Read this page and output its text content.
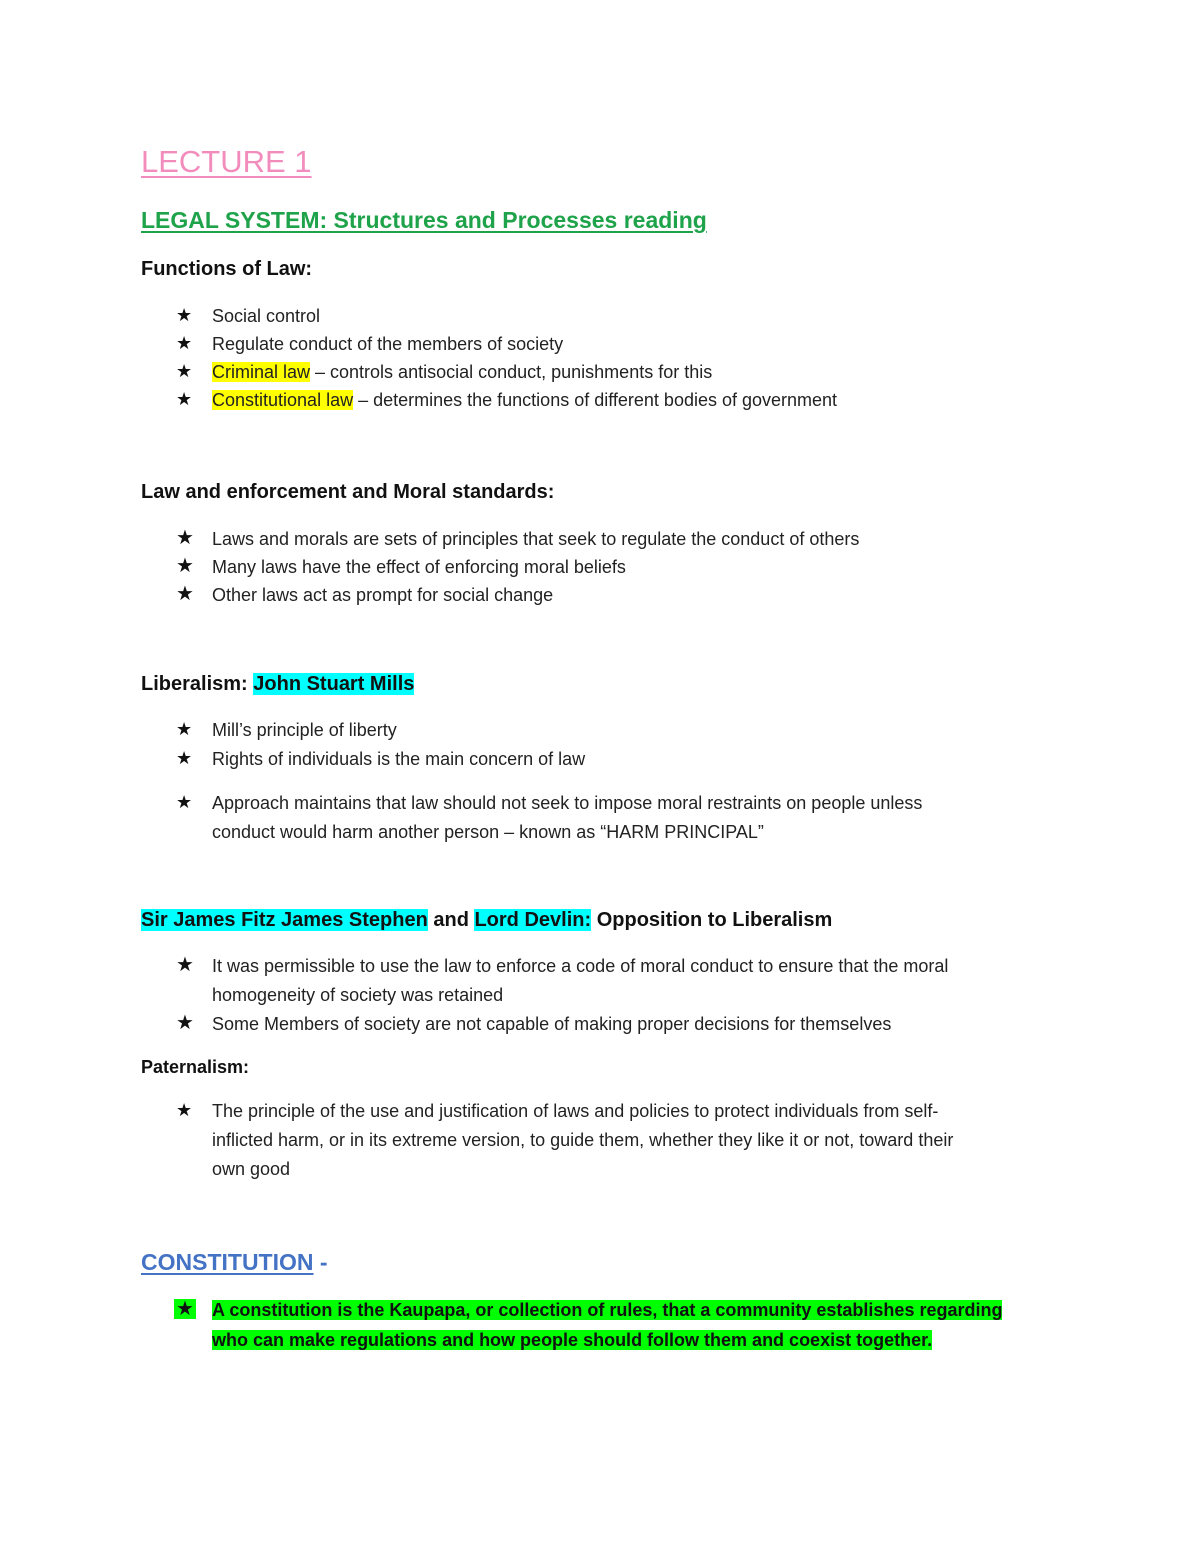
LECTURE 1
LEGAL SYSTEM: Structures and Processes reading
Functions of Law:
★ Social control
★ Regulate conduct of the members of society
★ Criminal law – controls antisocial conduct, punishments for this
★ Constitutional law – determines the functions of different bodies of government
Law and enforcement and Moral standards:
★ Laws and morals are sets of principles that seek to regulate the conduct of others
★ Many laws have the effect of enforcing moral beliefs
★ Other laws act as prompt for social change
Liberalism: John Stuart Mills
★ Mill’s principle of liberty
★ Rights of individuals is the main concern of law
★ Approach maintains that law should not seek to impose moral restraints on people unless
conduct would harm another person – known as “HARM PRINCIPAL”
Sir James Fitz James Stephen and Lord Devlin: Opposition to Liberalism
★ It was permissible to use the law to enforce a code of moral conduct to ensure that the moral
homogeneity of society was retained
★ Some Members of society are not capable of making proper decisions for themselves
Paternalism:
★ The principle of the use and justification of laws and policies to protect individuals from self-
inflicted harm, or in its extreme version, to guide them, whether they like it or not, toward their
own good
CONSTITUTION -
★ A constitution is the Kaupapa, or collection of rules, that a community establishes regarding
who can make regulations and how people should follow them and coexist together.
